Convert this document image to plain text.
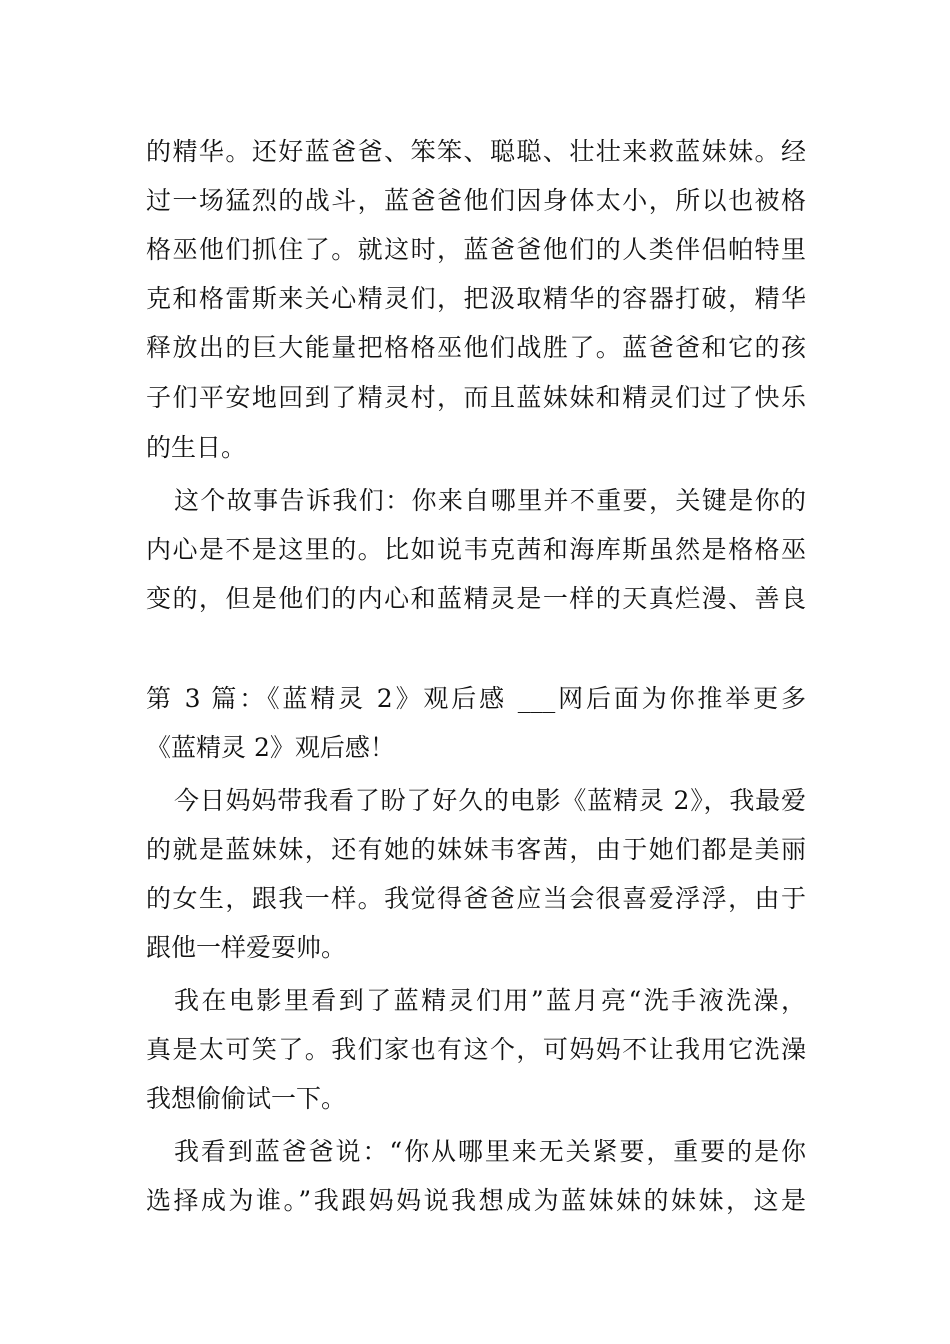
的精华。还好蓝爸爸、笨笨、聪聪、壮壮来救蓝妹妹。经
过一场猛烈的战斗，蓝爸爸他们因身体太小，所以也被格
格巫他们抓住了。就这时，蓝爸爸他们的人类伴侣帕特里
克和格雷斯来关心精灵们，把汲取精华的容器打破，精华
释放出的巨大能量把格格巫他们战胜了。蓝爸爸和它的孩
子们平安地回到了精灵村，而且蓝妹妹和精灵们过了快乐
的生日。
这个故事告诉我们：你来自哪里并不重要，关键是你的
内心是不是这里的。比如说韦克茜和海库斯虽然是格格巫
变的，但是他们的内心和蓝精灵是一样的天真烂漫、善良
第 3 篇：《蓝精灵 2》观后感 ___网后面为你推举更多
《蓝精灵 2》观后感！
今日妈妈带我看了盼了好久的电影《蓝精灵 2》，我最爱
的就是蓝妹妹，还有她的妹妹韦客茜，由于她们都是美丽
的女生，跟我一样。我觉得爸爸应当会很喜爱浮浮，由于
跟他一样爱耍帅。
我在电影里看到了蓝精灵们用”蓝月亮“洗手液洗澡，
真是太可笑了。我们家也有这个，可妈妈不让我用它洗澡
我想偷偷试一下。
我看到蓝爸爸说：“你从哪里来无关紧要，重要的是你
选择成为谁。”我跟妈妈说我想成为蓝妹妹的妹妹，这是
